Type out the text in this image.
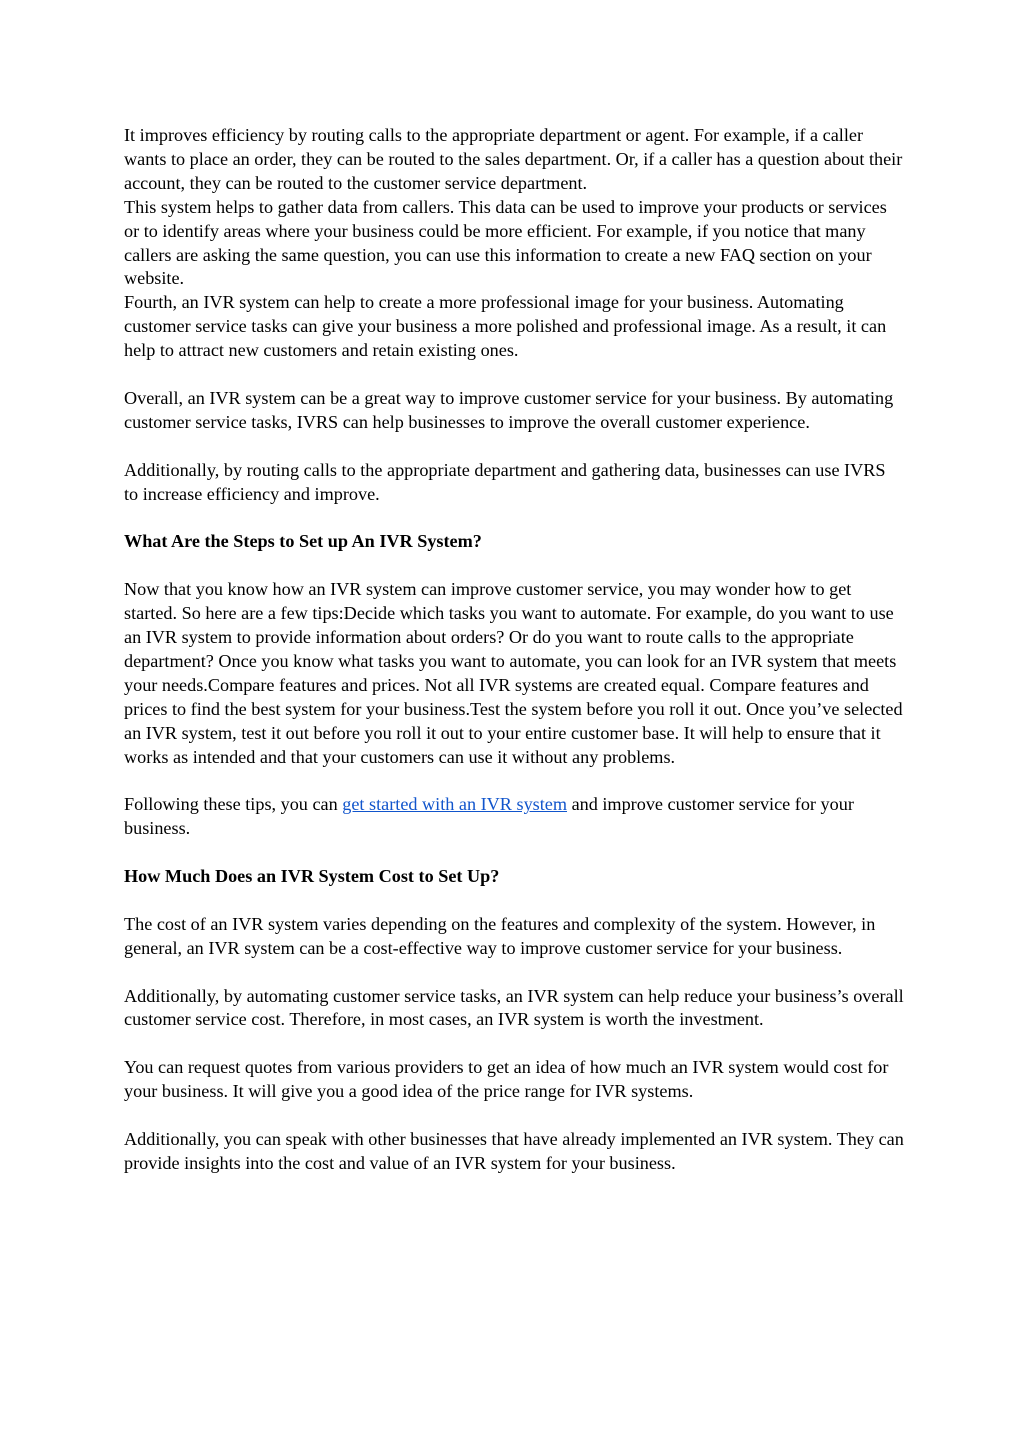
It improves efficiency by routing calls to the appropriate department or agent. For example, if a caller wants to place an order, they can be routed to the sales department. Or, if a caller has a question about their account, they can be routed to the customer service department.

This system helps to gather data from callers. This data can be used to improve your products or services or to identify areas where your business could be more efficient. For example, if you notice that many callers are asking the same question, you can use this information to create a new FAQ section on your website.

Fourth, an IVR system can help to create a more professional image for your business. Automating customer service tasks can give your business a more polished and professional image. As a result, it can help to attract new customers and retain existing ones.

Overall, an IVR system can be a great way to improve customer service for your business. By automating customer service tasks, IVRS can help businesses to improve the overall customer experience.

Additionally, by routing calls to the appropriate department and gathering data, businesses can use IVRS to increase efficiency and improve.

What Are the Steps to Set up An IVR System?

Now that you know how an IVR system can improve customer service, you may wonder how to get started. So here are a few tips:Decide which tasks you want to automate. For example, do you want to use an IVR system to provide information about orders? Or do you want to route calls to the appropriate department? Once you know what tasks you want to automate, you can look for an IVR system that meets your needs.Compare features and prices. Not all IVR systems are created equal. Compare features and prices to find the best system for your business.Test the system before you roll it out. Once you’ve selected an IVR system, test it out before you roll it out to your entire customer base. It will help to ensure that it works as intended and that your customers can use it without any problems.

Following these tips, you can get started with an IVR system and improve customer service for your business.

How Much Does an IVR System Cost to Set Up?

The cost of an IVR system varies depending on the features and complexity of the system. However, in general, an IVR system can be a cost-effective way to improve customer service for your business.

Additionally, by automating customer service tasks, an IVR system can help reduce your business’s overall customer service cost. Therefore, in most cases, an IVR system is worth the investment.

You can request quotes from various providers to get an idea of how much an IVR system would cost for your business. It will give you a good idea of the price range for IVR systems.

Additionally, you can speak with other businesses that have already implemented an IVR system. They can provide insights into the cost and value of an IVR system for your business.
